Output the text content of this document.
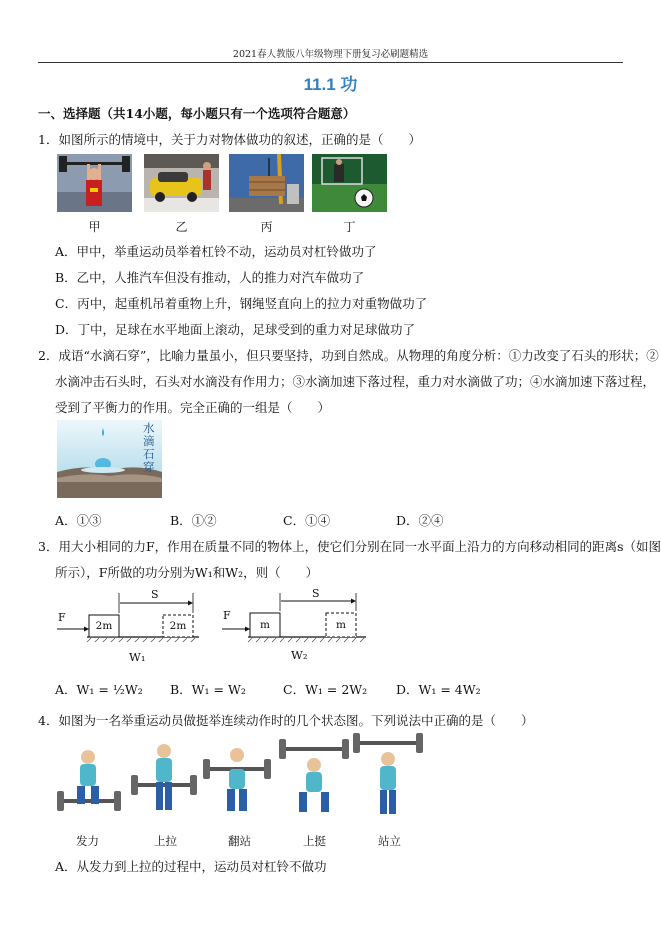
2021春人教版八年级物理下册复习必刷题精选
11.1 功
一、选择题（共14小题，每小题只有一个选项符合题意）
1．如图所示的情境中，关于力对物体做功的叙述，正确的是（　　）
甲	乙	丙	丁
A．甲中，举重运动员举着杠铃不动，运动员对杠铃做功了
B．乙中，人推汽车但没有推动，人的推力对汽车做功了
C．丙中，起重机吊着重物上升，钢绳竖直向上的拉力对重物做功了
D．丁中，足球在水平地面上滚动，足球受到的重力对足球做功了
2．成语“水滴石穿”，比喻力量虽小，但只要坚持，功到自然成。从物理的角度分析：①力改变了石头的形状；②
水滴冲击石头时，石头对水滴没有作用力；③水滴加速下落过程，重力对水滴做了功；④水滴加速下落过程，
受到了平衡力的作用。完全正确的一组是（　　）
水滴石穿
A．①③	B．①②	C．①④	D．②④
3．用大小相同的力F，作用在质量不同的物体上，使它们分别在同一水平面上沿力的方向移动相同的距离s（如图
所示），F所做的功分别为W₁和W₂，则（　　）
F
S
2m	2m
W₁
F
S
m	m
W₂
A．W₁ = ½W₂ B．W₁ = W₂	C．W₁ = 2W₂ D．W₁ = 4W₂
4．如图为一名举重运动员做挺举连续动作时的几个状态图。下列说法中正确的是（　　）
发力	上拉	翻站	上挺	站立
A．从发力到上拉的过程中，运动员对杠铃不做功
